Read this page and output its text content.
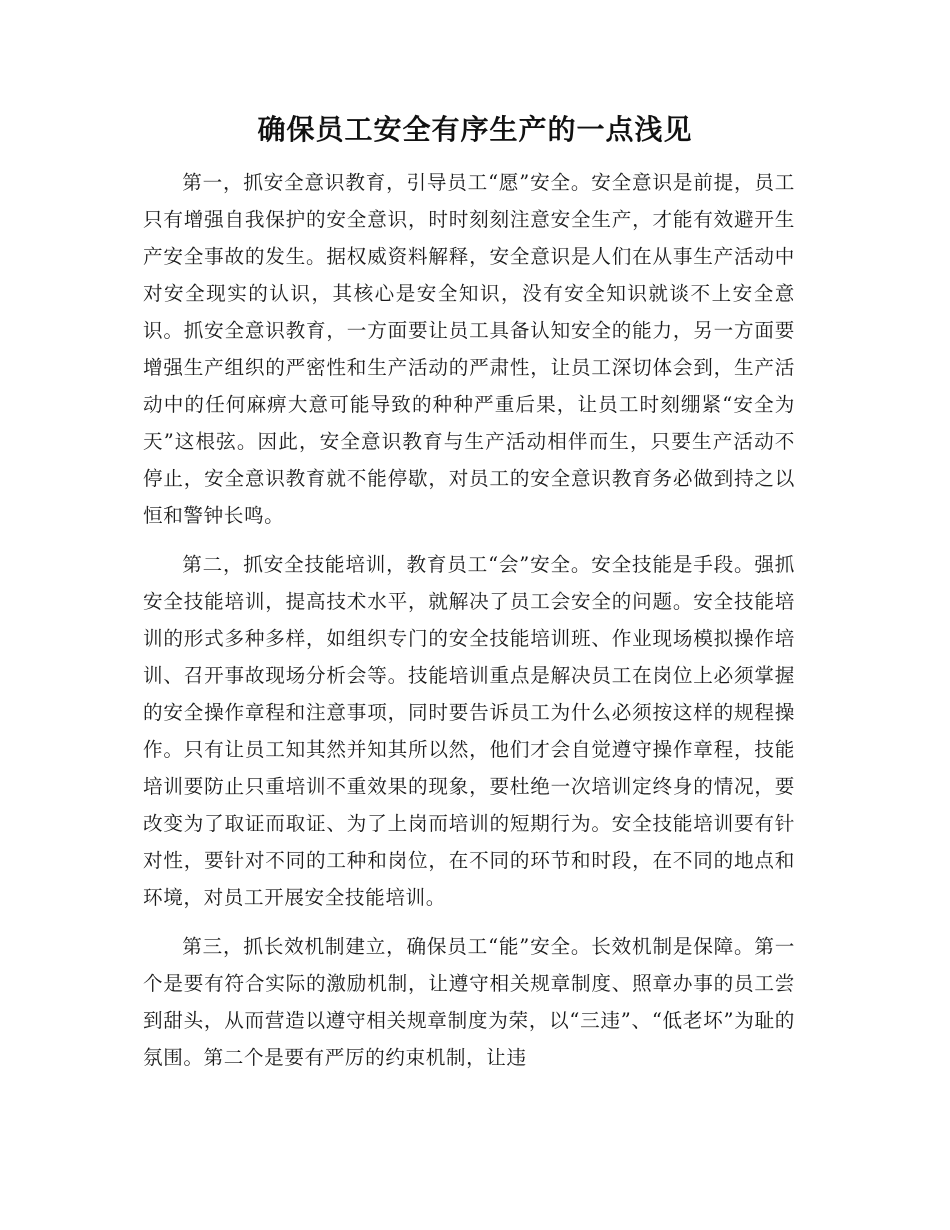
确保员工安全有序生产的一点浅见

第一，抓安全意识教育，引导员工“愿”安全。安全意识是前提，员工只有增强自我保护的安全意识，时时刻刻注意安全生产，才能有效避开生产安全事故的发生。据权威资料解释，安全意识是人们在从事生产活动中对安全现实的认识，其核心是安全知识，没有安全知识就谈不上安全意识。抓安全意识教育，一方面要让员工具备认知安全的能力，另一方面要增强生产组织的严密性和生产活动的严肃性，让员工深切体会到，生产活动中的任何麻痹大意可能导致的种种严重后果，让员工时刻绷紧“安全为天”这根弦。因此，安全意识教育与生产活动相伴而生，只要生产活动不停止，安全意识教育就不能停歇，对员工的安全意识教育务必做到持之以恒和警钟长鸣。

第二，抓安全技能培训，教育员工“会”安全。安全技能是手段。强抓安全技能培训，提高技术水平，就解决了员工会安全的问题。安全技能培训的形式多种多样，如组织专门的安全技能培训班、作业现场模拟操作培训、召开事故现场分析会等。技能培训重点是解决员工在岗位上必须掌握的安全操作章程和注意事项，同时要告诉员工为什么必须按这样的规程操作。只有让员工知其然并知其所以然，他们才会自觉遵守操作章程，技能培训要防止只重培训不重效果的现象，要杜绝一次培训定终身的情况，要改变为了取证而取证、为了上岗而培训的短期行为。安全技能培训要有针对性，要针对不同的工种和岗位，在不同的环节和时段，在不同的地点和环境，对员工开展安全技能培训。

第三，抓长效机制建立，确保员工“能”安全。长效机制是保障。第一个是要有符合实际的激励机制，让遵守相关规章制度、照章办事的员工尝到甜头，从而营造以遵守相关规章制度为荣，以“三违”、“低老坏”为耻的氛围。第二个是要有严厉的约束机制，让违
